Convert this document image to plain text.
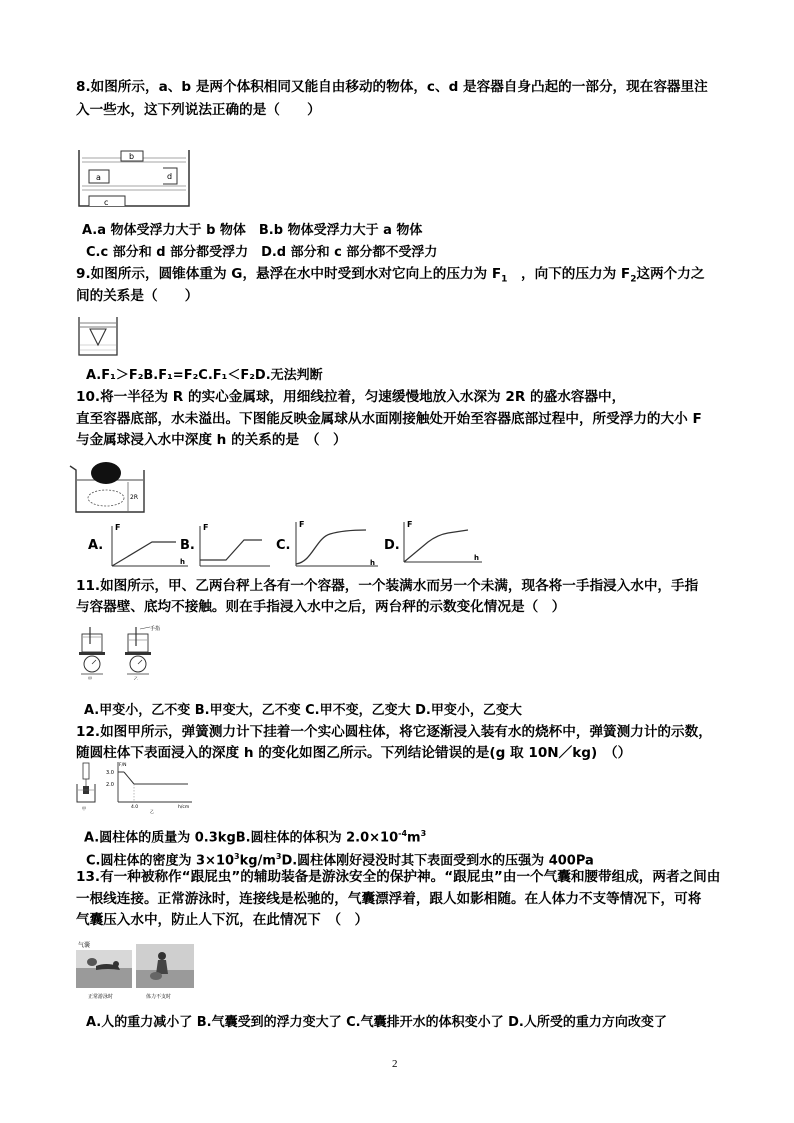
8.如图所示，a、b 是两个体积相同又能自由移动的物体，c、d 是容器自身凸起的一部分，现在容器里注
入一些水，这下列说法正确的是（　　）
b
a	d
c
A.a 物体受浮力大于 b 物体　B.b 物体受浮力大于 a 物体
C.c 部分和 d 部分都受浮力　D.d 部分和 c 部分都不受浮力
9.如图所示，圆锥体重为 G，悬浮在水中时受到水对它向上的压力为 $F_1$　，向下的压力为 $F_2$这两个力之
间的关系是（　　）
A.F₁＞F₂B.F₁=F₂C.F₁＜F₂D.无法判断
10.将一半径为 R 的实心金属球，用细线拉着，匀速缓慢地放入水深为 2R 的盛水容器中，
直至容器底部，水未溢出。下图能反映金属球从水面刚接触处开始至容器底部过程中，所受浮力的大小 F
与金属球浸入水中深度 h 的关系的是　（　）
2R
A.
F
h
B.
F
C.
F
h
D.
F
h
11.如图所示，甲、乙两台秤上各有一个容器，一个装满水而另一个未满，现各将一手指浸入水中，手指
与容器壁、底均不接触。则在手指浸入水中之后，两台秤的示数变化情况是（　）
手指
甲	乙
A.甲变小，乙不变 B.甲变大，乙不变 C.甲不变，乙变大 D.甲变小，乙变大
12.如图甲所示，弹簧测力计下挂着一个实心圆柱体，将它逐渐浸入装有水的烧杯中，弹簧测力计的示数，
随圆柱体下表面浸入的深度 h 的变化如图乙所示。下列结论错误的是(g 取 10N／kg)　（）
甲
F/N
3.0
2.0
4.0	h/cm
乙
A.圆柱体的质量为 0.3kgB.圆柱体的体积为 $2.0\times 10^{-4}m^3$
C.圆柱体的密度为 $3\times 10^3kg/m^3D$.圆柱体刚好浸没时其下表面受到水的压强为 400Pa
13.有一种被称作“跟屁虫”的辅助装备是游泳安全的保护神。“跟屁虫”由一个气囊和腰带组成，两者之间由
一根线连接。正常游泳时，连接线是松驰的，气囊漂浮着，跟人如影相随。在人体力不支等情况下，可将
气囊压入水中，防止人下沉，在此情况下　（　）
气囊
正常游泳时	体力不支时
A.人的重力减小了 B.气囊受到的浮力变大了 C.气囊排开水的体积变小了 D.人所受的重力方向改变了
2
